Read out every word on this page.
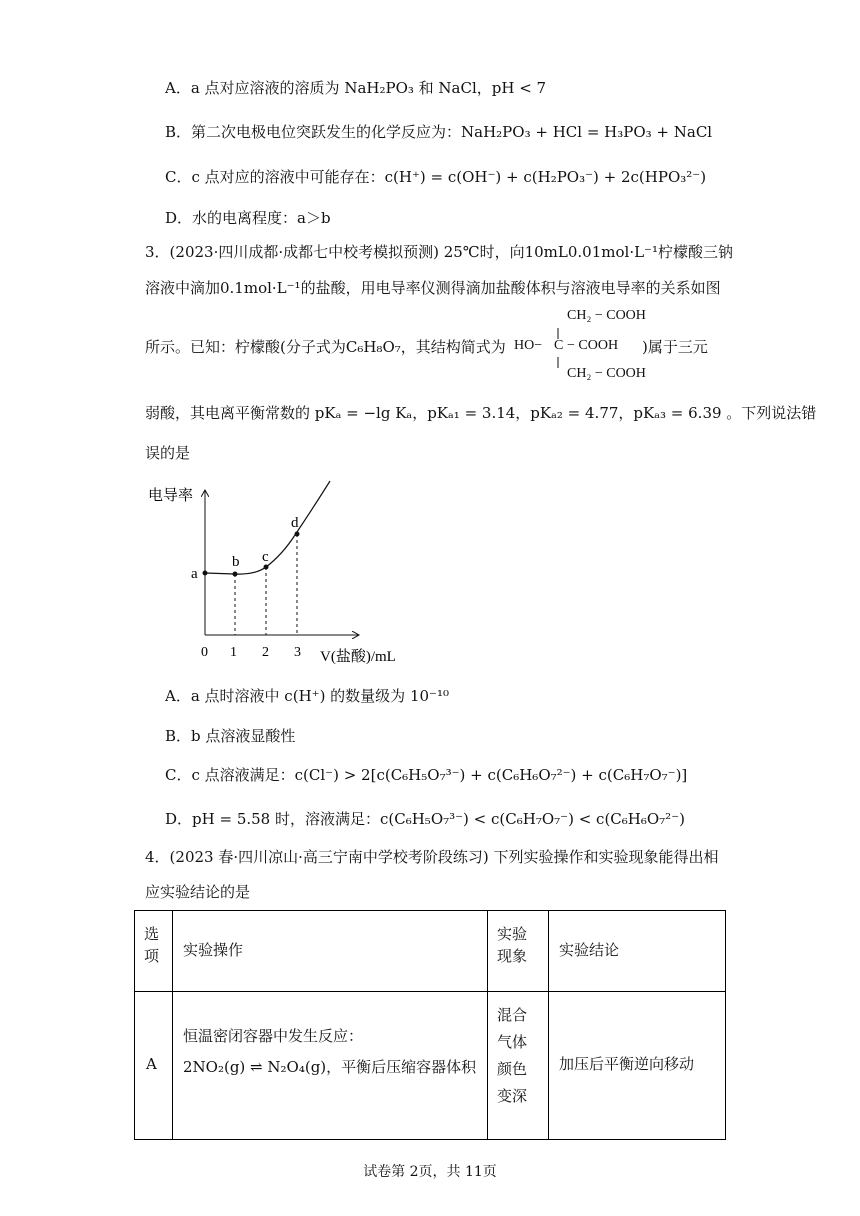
A．a 点对应溶液的溶质为 NaH₂PO₃ 和 NaCl，pH < 7
B．第二次电极电位突跃发生的化学反应为：NaH₂PO₃ + HCl = H₃PO₃ + NaCl
C．c 点对应的溶液中可能存在：c(H⁺) = c(OH⁻) + c(H₂PO₃⁻) + 2c(HPO₃²⁻)
D．水的电离程度：a＞b
3．(2023·四川成都·成都七中校考模拟预测) 25℃时，向10mL0.01mol·L⁻¹柠檬酸三钠
溶液中滴加0.1mol·L⁻¹的盐酸，用电导率仪测得滴加盐酸体积与溶液电导率的关系如图
所示。已知：柠檬酸(分子式为C₆H₈O₇，其结构简式为	)属于三元
CH₂ − COOH
HO− C − COOH
CH₂ − COOH
弱酸，其电离平衡常数的 pKₐ = −lg Kₐ，pKₐ₁ = 3.14，pKₐ₂ = 4.77，pKₐ₃ = 6.39 。下列说法错
误的是
电导率
V(盐酸)/mL
0 1 2 3
a
b c
d
A．a 点时溶液中 c(H⁺) 的数量级为 10⁻¹⁰
B．b 点溶液显酸性
C．c 点溶液满足：c(Cl⁻) > 2[c(C₆H₅O₇³⁻) + c(C₆H₆O₇²⁻) + c(C₆H₇O₇⁻)]
D．pH = 5.58 时，溶液满足：c(C₆H₅O₇³⁻) < c(C₆H₇O₇⁻) < c(C₆H₆O₇²⁻)
4．(2023 春·四川凉山·高三宁南中学校考阶段练习) 下列实验操作和实验现象能得出相
应实验结论的是
选项	实验操作
实验现象 实验结论
A
恒温密闭容器中发生反应：
2NO₂(g) ⇌ N₂O₄(g)，平衡后压缩容器体积
混合气体颜色变深
加压后平衡逆向移动
试卷第 2页，共 11页
